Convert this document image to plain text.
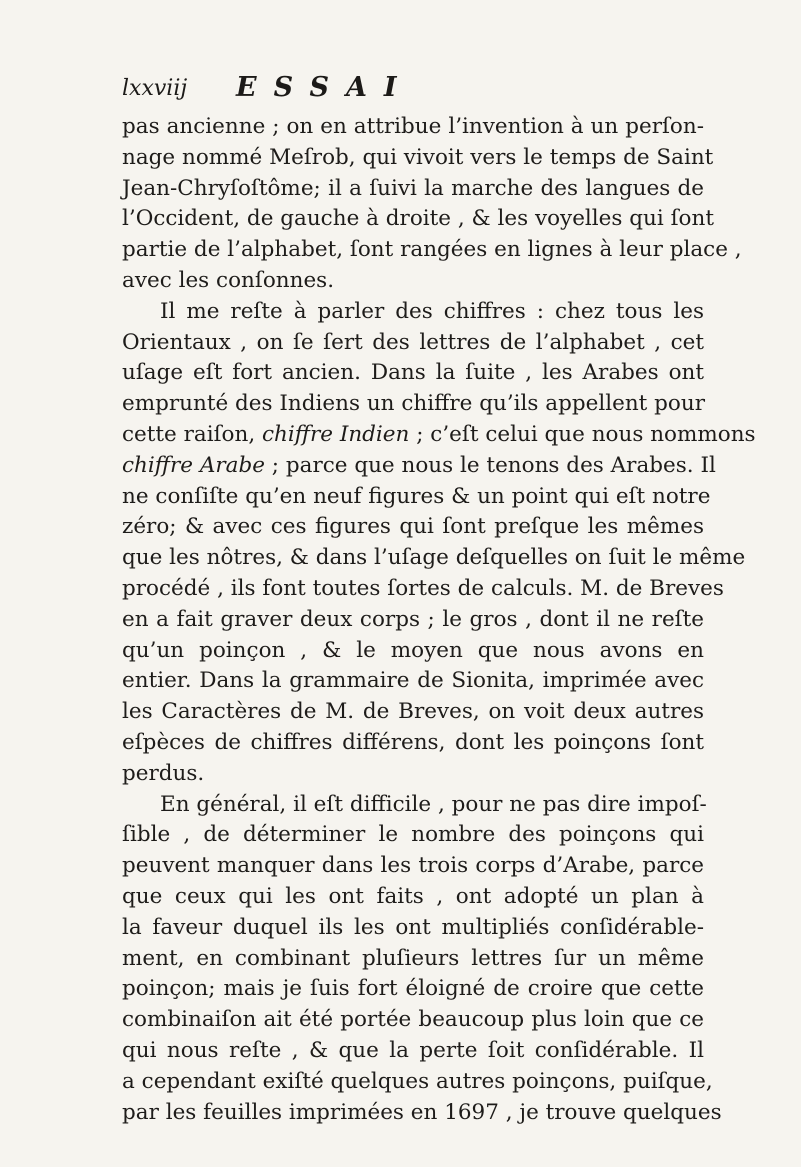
lxxviij ESSAI
pas ancienne ; on en attribue l’invention à un perſon-
nage nommé Meſrob, qui vivoit vers le temps de Saint
Jean-Chryſoſtôme; il a ſuivi la marche des langues de
l’Occident, de gauche à droite , & les voyelles qui ſont
partie de l’alphabet, ſont rangées en lignes à leur place ,
avec les conſonnes.
Il me reſte à parler des chiffres : chez tous les
Orientaux , on ſe ſert des lettres de l’alphabet , cet
uſage eſt fort ancien. Dans la ſuite , les Arabes ont
emprunté des Indiens un chiffre qu’ils appellent pour
cette raiſon, chiffre Indien ; c’eſt celui que nous nommons
chiffre Arabe ; parce que nous le tenons des Arabes. Il
ne conſiſte qu’en neuf figures & un point qui eſt notre
zéro; & avec ces figures qui ſont preſque les mêmes
que les nôtres, & dans l’uſage deſquelles on ſuit le même
procédé , ils font toutes ſortes de calculs. M. de Breves
en a fait graver deux corps ; le gros , dont il ne reſte
qu’un poinçon , & le moyen que nous avons en
entier. Dans la grammaire de Sionita, imprimée avec
les Caractères de M. de Breves, on voit deux autres
eſpèces de chiffres différens, dont les poinçons ſont
perdus.
En général, il eſt difficile , pour ne pas dire impoſ-
ſible , de déterminer le nombre des poinçons qui
peuvent manquer dans les trois corps d’Arabe, parce
que ceux qui les ont faits , ont adopté un plan à
la faveur duquel ils les ont multipliés conſidérable-
ment, en combinant pluſieurs lettres ſur un même
poinçon; mais je ſuis fort éloigné de croire que cette
combinaiſon ait été portée beaucoup plus loin que ce
qui nous reſte , & que la perte ſoit conſidérable. Il
a cependant exiſté quelques autres poinçons, puiſque,
par les feuilles imprimées en 1697 , je trouve quelques
